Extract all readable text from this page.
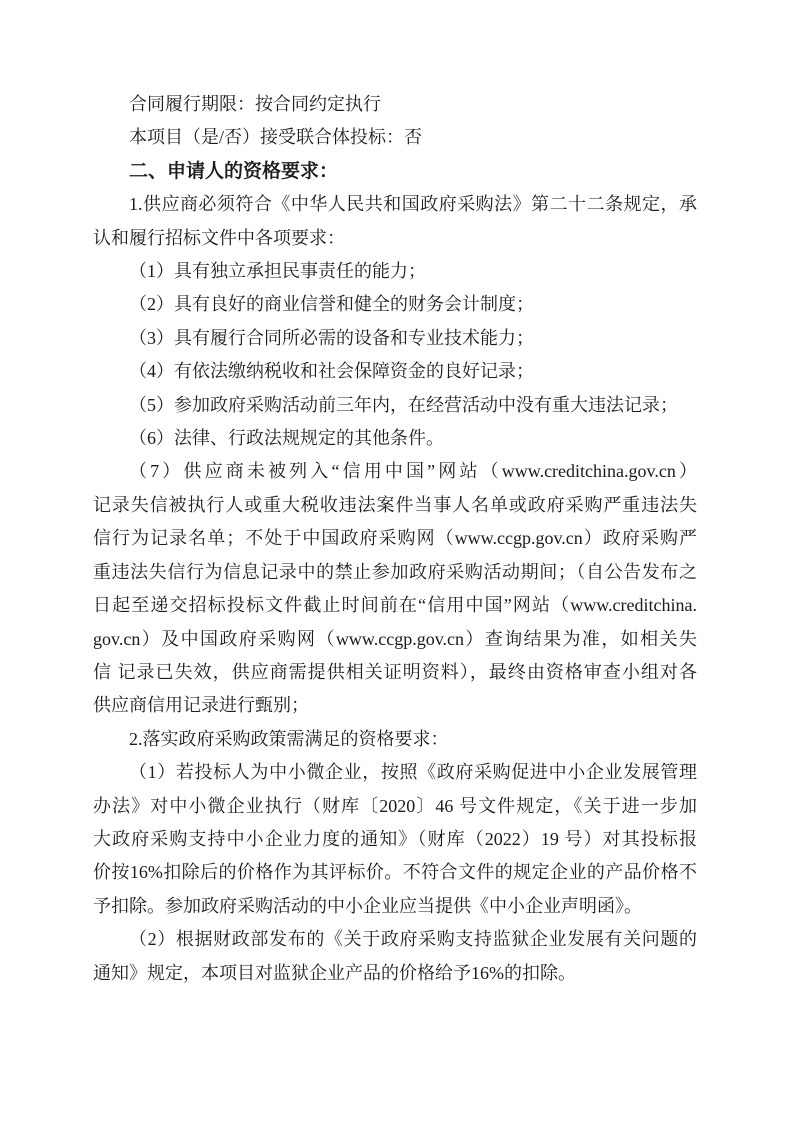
合同履行期限：按合同约定执行
本项目（是/否）接受联合体投标：否
二、申请人的资格要求：
1.供应商必须符合《中华人民共和国政府采购法》第二十二条规定，承
认和履行招标文件中各项要求：
（1）具有独立承担民事责任的能力；
（2）具有良好的商业信誉和健全的财务会计制度；
（3）具有履行合同所必需的设备和专业技术能力；
（4）有依法缴纳税收和社会保障资金的良好记录；
（5）参加政府采购活动前三年内，在经营活动中没有重大违法记录；
（6）法律、行政法规规定的其他条件。
（7）供应商未被列入“信用中国”网站（www.creditchina.gov.cn）
记录失信被执行人或重大税收违法案件当事人名单或政府采购严重违法失
信行为记录名单；不处于中国政府采购网（www.ccgp.gov.cn）政府采购严
重违法失信行为信息记录中的禁止参加政府采购活动期间；（自公告发布之
日起至递交招标投标文件截止时间前在“信用中国”网站（www.creditchina.
gov.cn）及中国政府采购网（www.ccgp.gov.cn）查询结果为准，如相关失
信 记录已失效，供应商需提供相关证明资料），最终由资格审查小组对各
供应商信用记录进行甄别；
2.落实政府采购政策需满足的资格要求：
（1）若投标人为中小微企业，按照《政府采购促进中小企业发展管理
办法》对中小微企业执行（财库〔2020〕46 号文件规定，《关于进一步加
大政府采购支持中小企业力度的通知》（财库（2022）19 号）对其投标报
价按16%扣除后的价格作为其评标价。不符合文件的规定企业的产品价格不
予扣除。参加政府采购活动的中小企业应当提供《中小企业声明函》。
（2）根据财政部发布的《关于政府采购支持监狱企业发展有关问题的
通知》规定，本项目对监狱企业产品的价格给予16%的扣除。
